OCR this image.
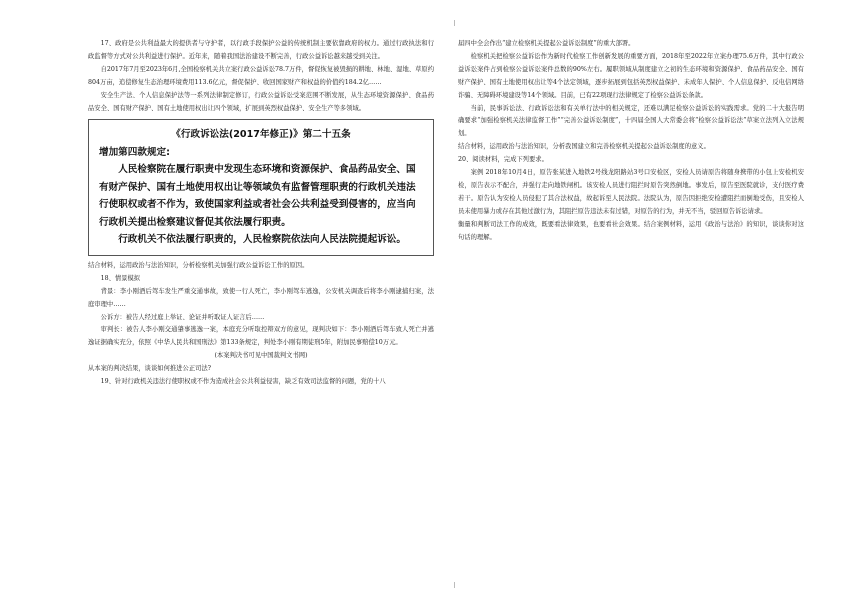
17、政府是公共利益最大的提供者与守护者，以行政手段保护公益的传统机制主要依靠政府的权力。通过行政执法和行政监督等方式对公共利益进行保护。近年来，随着我国法治建设不断完善，行政公益诉讼越来越受到关注。

自2017年7月至2023年6月,全国检察机关共立案行政公益诉讼78.7万件，督促恢复被毁损的耕地、林地、湿地、草原约804万亩，追偿修复生态治理环境费用113.6亿元，督促保护、收回国家财产和权益的价值约184.2亿……

安全生产法、个人信息保护法等一系列法律制定修订，行政公益诉讼受案范围不断发展，从生态环境资源保护、食品药品安全、国有财产保护、国有土地使用权出让四个领域，扩展到英烈权益保护、安全生产等多领域。

《行政诉讼法(2017年修正)》第二十五条

增加第四款规定:

人民检察院在履行职责中发现生态环境和资源保护、食品药品安全、国有财产保护、国有土地使用权出让等领域负有监督管理职责的行政机关违法行使职权或者不作为，致使国家利益或者社会公共利益受到侵害的，应当向行政机关提出检察建议督促其依法履行职责。

行政机关不依法履行职责的，人民检察院依法向人民法院提起诉讼。

结合材料，运用政治与法治知识，分析检察机关加强行政公益诉讼工作的原因。

18、情景模拟

背景：李小刚酒后驾车发生严重交通事故，致使一行人死亡，李小刚驾车逃逸，公安机关调查后将李小刚逮捕归案，法庭审理中……

公诉方：被告人经过庭上举证、论证并听取证人证言后……

审判长：被告人李小刚交通肇事逃逸一案，本庭充分听取控辩双方的意见，现判决如下：李小刚酒后驾车致人死亡并逃逸证据确实充分，依照《中华人民共和国刑法》第133条规定，判处李小刚有期徒刑5年，附加民事赔偿10万元。

(本案判决书可见中国裁判文书网)

从本案的判决结果，谈谈如何推进公正司法?

19、针对行政机关违法行使职权或不作为造成社会公共利益侵害，缺乏有效司法监督的问题，党的十八

届四中全会作出“建立检察机关提起公益诉讼制度”的重大部署。

检察机关把检察公益诉讼作为新时代检察工作创新发展的重要方面，2018年至2022年立案办理75.6万件，其中行政公益诉讼案件占到检察公益诉讼案件总数的90%左右。履职领域从制度建立之初的生态环境和资源保护、食品药品安全、国有财产保护、国有土地使用权出让等4个法定领域，逐步拓展到包括英烈权益保护、未成年人保护、个人信息保护、反电信网络诈骗、无障碍环境建设等14个领域。目前，已有22项现行法律规定了检察公益诉讼条款。

当前，民事诉讼法、行政诉讼法和有关单行法中的相关规定，还难以满足检察公益诉讼的实践需求。党的二十大报告明确要求“加强检察机关法律监督工作”“完善公益诉讼制度”，十四届全国人大常委会将“检察公益诉讼法”草案立法列入立法规划。

结合材料，运用政治与法治知识，分析我国建立和完善检察机关提起公益诉讼制度的意义。

20、阅读材料，完成下列要求。

案例 2018年10月4日，原告张某进入地铁2号线龙阳路站3号口安检区，安检人员请原告将随身携带的小包上安检机安检，原告表示不配合，并强行走向地铁闸机。该安检人员进行阻拦时原告突然倒地。事发后，原告至医院就诊，支付医疗费若干。原告认为安检人员侵犯了其合法权益，故起诉至人民法院。法院认为，原告因拒绝安检遭阻拦而倒地受伤，且安检人员未使用暴力或存在其他过激行为，其阻拦原告违法未有过错，对原告的行为，并无不当，驳回原告诉讼请求。

衡量和判断司法工作的成效，既要看法律效果，也要看社会效果。结合案例材料，运用《政治与法治》的知识，谈谈你对这句话的理解。
